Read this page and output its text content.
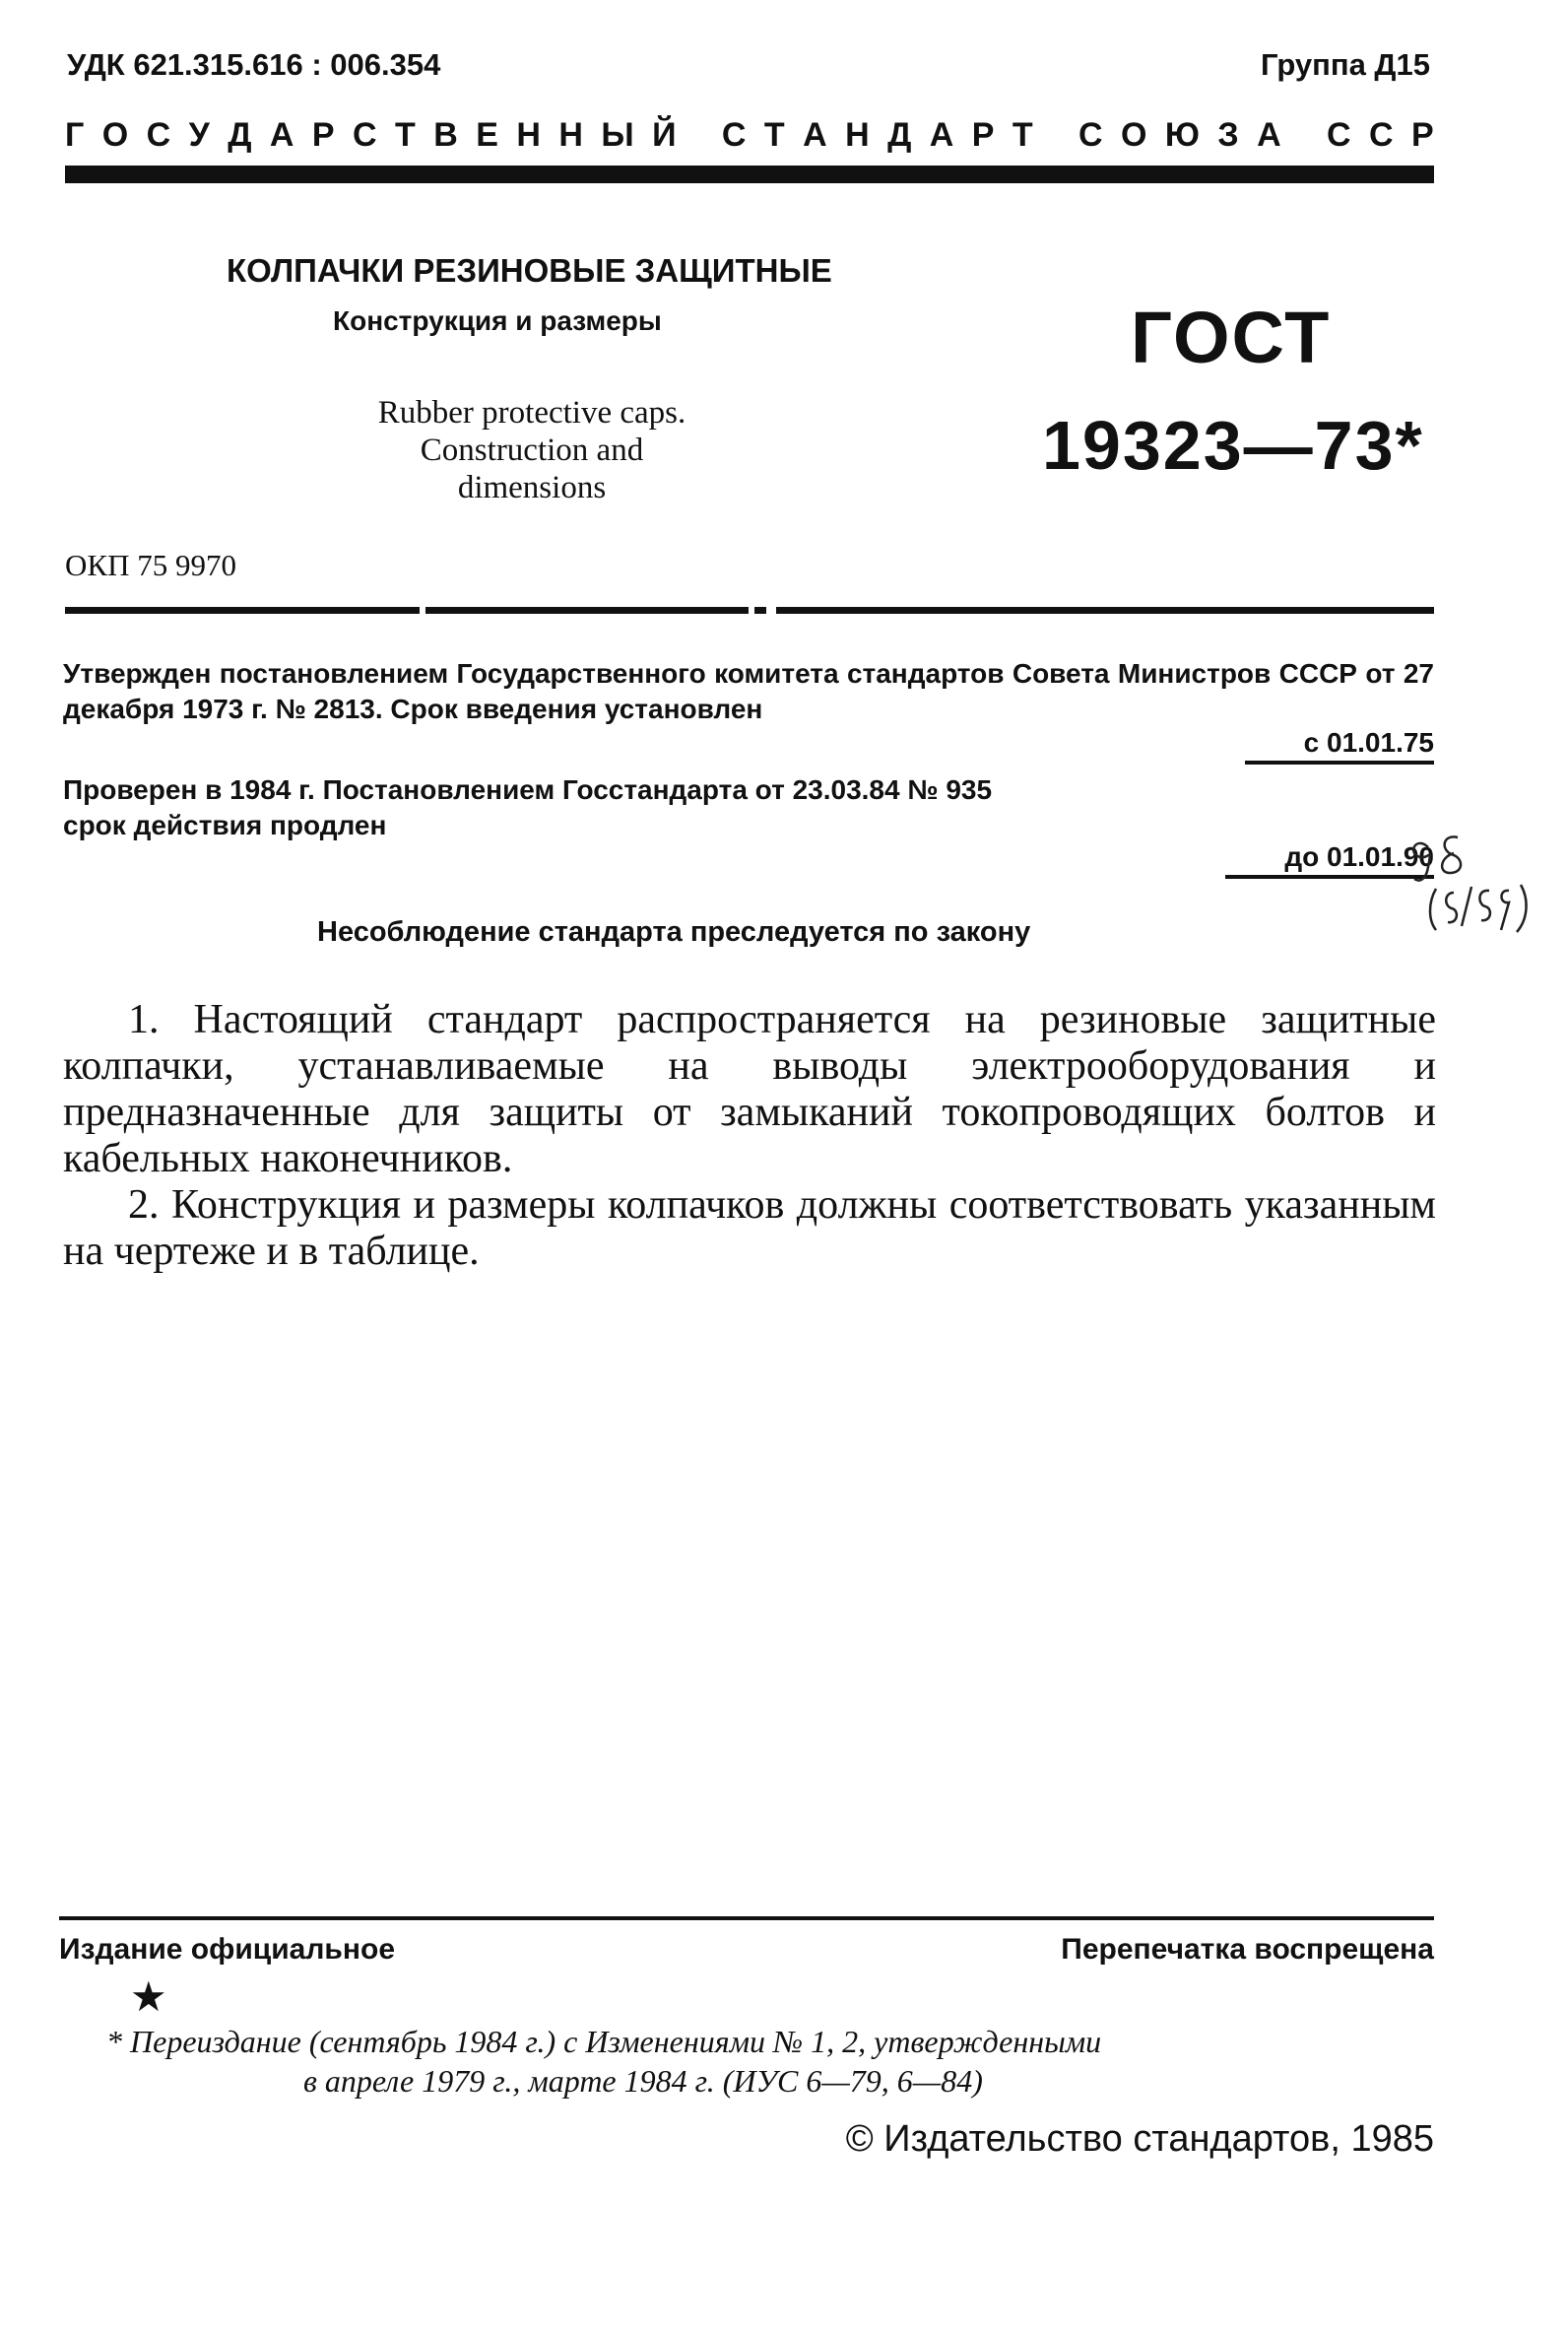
УДК 621.315.616 : 006.354	Группа Д15
Г О С У Д А Р С Т В Е Н Н Ы Й
С Т А Н Д А Р Т
С О Ю З А
С С Р
КОЛПАЧКИ РЕЗИНОВЫЕ ЗАЩИТНЫЕ
Конструкция и размеры
Rubber protective caps.
Construction and
dimensions
ГОСТ
19323—73*
ОКП 75 9970
Утвержден постановлением Государственного комитета стандартов Совета Министров СССР от 27 декабря 1973 г. № 2813. Срок введения установлен
с 01.01.75
Проверен в 1984 г. Постановлением Госстандарта от 23.03.84 № 935
срок действия продлен
до 01.01.90
Несоблюдение стандарта преследуется по закону

1. Настоящий стандарт распространяется на резиновые защитные колпачки, устанавливаемые на выводы электрооборудования и предназначенные для защиты от замыканий токопроводящих болтов и кабельных наконечников.

2. Конструкция и размеры колпачков должны соответствовать указанным на чертеже и в таблице.

Издание официальное	Перепечатка воспрещена
★
* Переиздание (сентябрь 1984 г.) с Изменениями № 1, 2, утвержденными
в апреле 1979 г., марте 1984 г. (ИУС 6—79, 6—84)
© Издательство стандартов, 1985
